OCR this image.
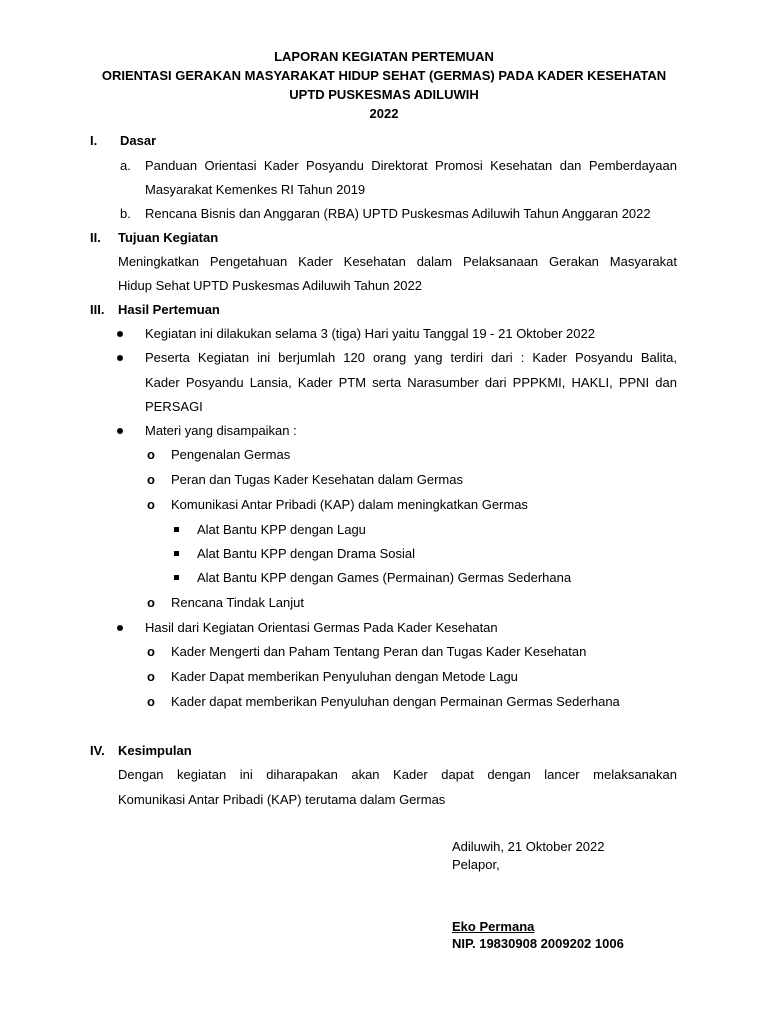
LAPORAN KEGIATAN PERTEMUAN
ORIENTASI GERAKAN MASYARAKAT HIDUP SEHAT (GERMAS) PADA KADER KESEHATAN
UPTD PUSKESMAS ADILUWIH
2022
I. Dasar
a. Panduan Orientasi Kader Posyandu Direktorat Promosi Kesehatan dan Pemberdayaan
Masyarakat Kemenkes RI Tahun 2019
b. Rencana Bisnis dan Anggaran (RBA) UPTD Puskesmas Adiluwih Tahun Anggaran 2022
II. Tujuan Kegiatan
Meningkatkan Pengetahuan Kader Kesehatan dalam Pelaksanaan Gerakan Masyarakat
Hidup Sehat UPTD Puskesmas Adiluwih Tahun 2022
III. Hasil Pertemuan
Kegiatan ini dilakukan selama 3 (tiga) Hari yaitu Tanggal 19 - 21 Oktober 2022
Peserta Kegiatan ini berjumlah 120 orang yang terdiri dari : Kader Posyandu Balita,
Kader Posyandu Lansia, Kader PTM serta Narasumber dari PPPKMI, HAKLI, PPNI dan
PERSAGI
Materi yang disampaikan :
o Pengenalan Germas
o Peran dan Tugas Kader Kesehatan dalam Germas
o Komunikasi Antar Pribadi (KAP) dalam meningkatkan Germas
Alat Bantu KPP dengan Lagu
Alat Bantu KPP dengan Drama Sosial
Alat Bantu KPP dengan Games (Permainan) Germas Sederhana
o Rencana Tindak Lanjut
Hasil dari Kegiatan Orientasi Germas Pada Kader Kesehatan
o Kader Mengerti dan Paham Tentang Peran dan Tugas Kader Kesehatan
o Kader Dapat memberikan Penyuluhan dengan Metode Lagu
o Kader dapat memberikan Penyuluhan dengan Permainan Germas Sederhana
IV. Kesimpulan
Dengan kegiatan ini diharapakan akan Kader dapat dengan lancer melaksanakan
Komunikasi Antar Pribadi (KAP) terutama dalam Germas
Adiluwih, 21 Oktober 2022
Pelapor,
Eko Permana
NIP. 19830908 2009202 1006
